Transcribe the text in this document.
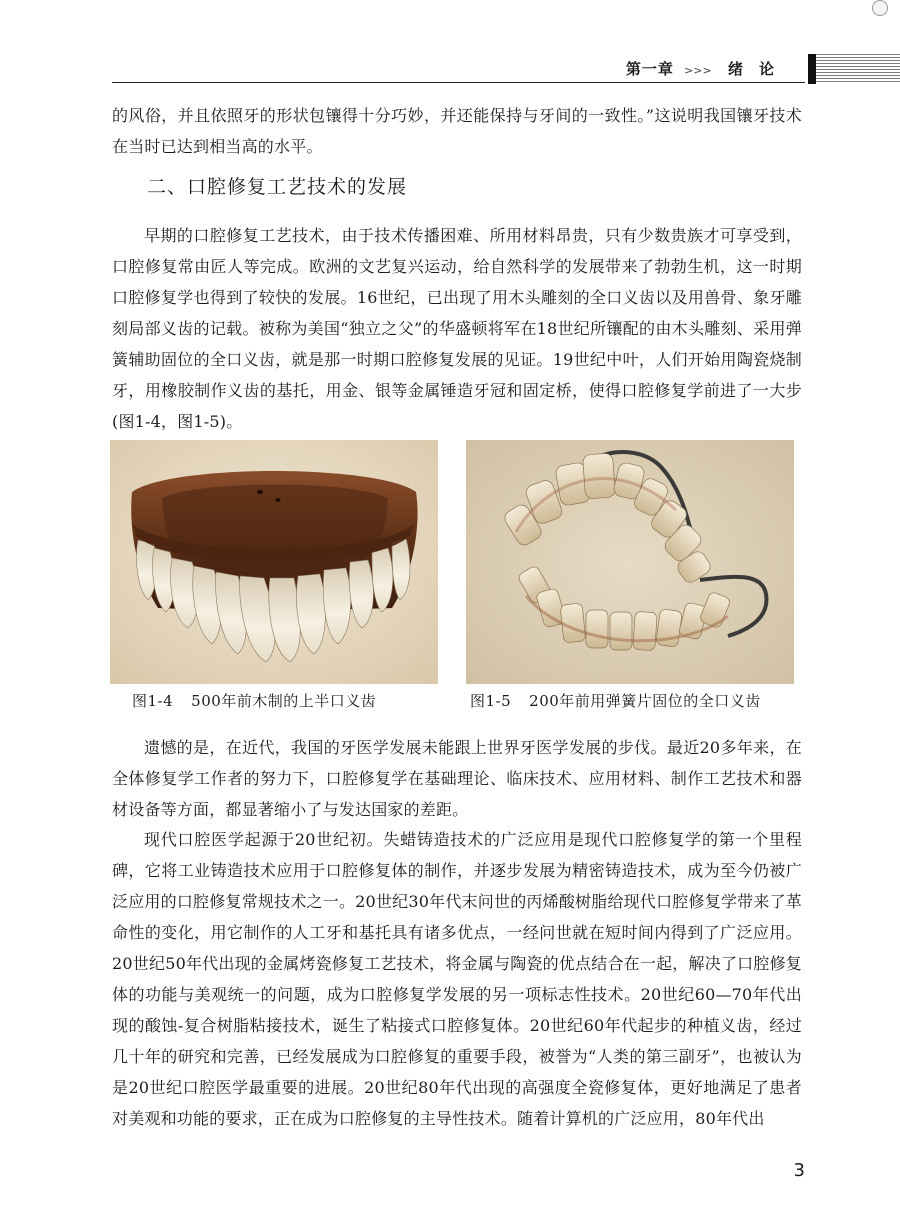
第一章 >>> 绪论

的风俗，并且依照牙的形状包镶得十分巧妙，并还能保持与牙间的一致性。”这说明我国镶牙技术在当时已达到相当高的水平。

二、口腔修复工艺技术的发展

早期的口腔修复工艺技术，由于技术传播困难、所用材料昂贵，只有少数贵族才可享受到，口腔修复常由匠人等完成。欧洲的文艺复兴运动，给自然科学的发展带来了勃勃生机，这一时期口腔修复学也得到了较快的发展。16世纪，已出现了用木头雕刻的全口义齿以及用兽骨、象牙雕刻局部义齿的记载。被称为美国“独立之父”的华盛顿将军在18世纪所镶配的由木头雕刻、采用弹簧辅助固位的全口义齿，就是那一时期口腔修复发展的见证。19世纪中叶，人们开始用陶瓷烧制牙，用橡胶制作义齿的基托，用金、银等金属锤造牙冠和固定桥，使得口腔修复学前进了一大步(图1-4，图1-5)。

图1-4 500年前木制的上半口义齿	图1-5 200年前用弹簧片固位的全口义齿

遗憾的是，在近代，我国的牙医学发展未能跟上世界牙医学发展的步伐。最近20多年来，在全体修复学工作者的努力下，口腔修复学在基础理论、临床技术、应用材料、制作工艺技术和器材设备等方面，都显著缩小了与发达国家的差距。

现代口腔医学起源于20世纪初。失蜡铸造技术的广泛应用是现代口腔修复学的第一个里程碑，它将工业铸造技术应用于口腔修复体的制作，并逐步发展为精密铸造技术，成为至今仍被广泛应用的口腔修复常规技术之一。20世纪30年代末问世的丙烯酸树脂给现代口腔修复学带来了革命性的变化，用它制作的人工牙和基托具有诸多优点，一经问世就在短时间内得到了广泛应用。20世纪50年代出现的金属烤瓷修复工艺技术，将金属与陶瓷的优点结合在一起，解决了口腔修复体的功能与美观统一的问题，成为口腔修复学发展的另一项标志性技术。20世纪60—70年代出现的酸蚀-复合树脂粘接技术，诞生了粘接式口腔修复体。20世纪60年代起步的种植义齿，经过几十年的研究和完善，已经发展成为口腔修复的重要手段，被誉为“人类的第三副牙”，也被认为是20世纪口腔医学最重要的进展。20世纪80年代出现的高强度全瓷修复体，更好地满足了患者对美观和功能的要求，正在成为口腔修复的主导性技术。随着计算机的广泛应用，80年代出

3
